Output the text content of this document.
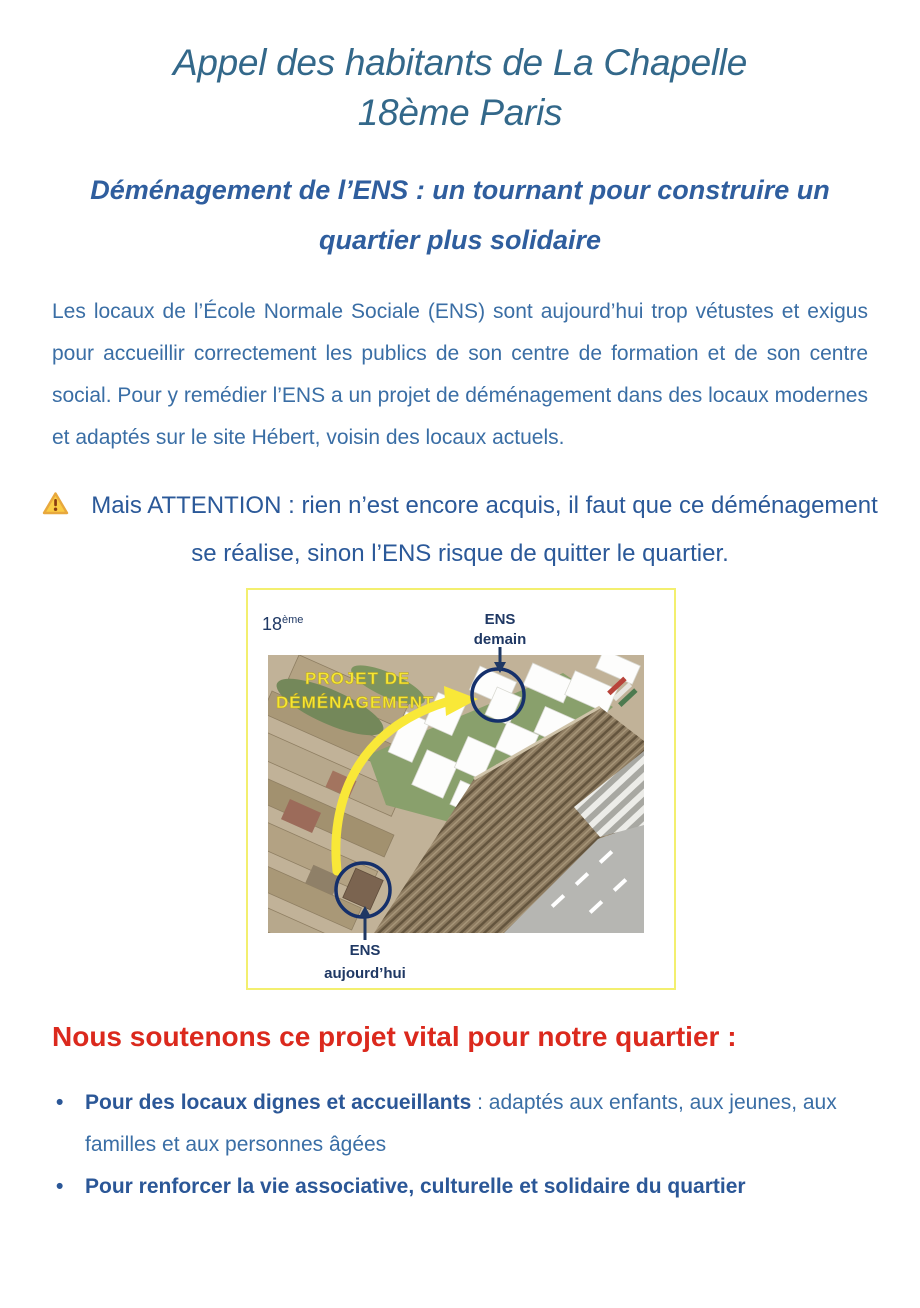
Appel des habitants de La Chapelle
18ème Paris
Déménagement de l’ENS : un tournant pour construire un quartier plus solidaire

Les locaux de l’École Normale Sociale (ENS) sont aujourd’hui trop vétustes et exigus pour accueillir correctement les publics de son centre de formation et de son centre social. Pour y remédier l’ENS a un projet de déménagement dans des locaux modernes et adaptés sur le site Hébert, voisin des locaux actuels.

Mais ATTENTION : rien n’est encore acquis, il faut que ce déménagement se réalise, sinon l’ENS risque de quitter le quartier.

18ème	ENS
demain
PROJET DE
DÉMÉNAGEMENT
ENS
aujourd’hui
Nous soutenons ce projet vital pour notre quartier :
• Pour des locaux dignes et accueillants : adaptés aux enfants, aux jeunes, aux familles et aux personnes âgées
• Pour renforcer la vie associative, culturelle et solidaire du quartier
